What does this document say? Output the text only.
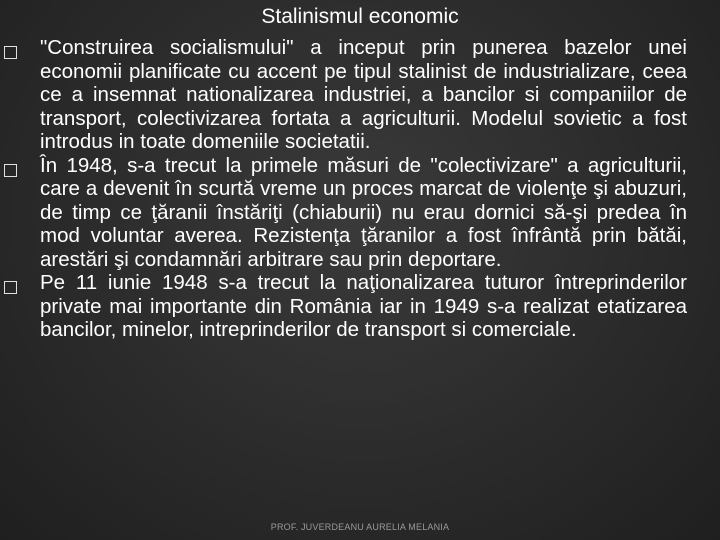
Stalinismul economic
"Construirea socialismului" a inceput prin punerea bazelor unei economii planificate cu accent pe tipul stalinist de industrializare, ceea ce a insemnat nationalizarea industriei, a bancilor si companiilor de transport, colectivizarea fortata a agriculturii. Modelul sovietic a fost introdus in toate domeniile societatii.
În 1948, s-a trecut la primele măsuri de "colectivizare" a agriculturii, care a devenit în scurtă vreme un proces marcat de violenţe şi abuzuri, de timp ce ţăranii înstăriţi (chiaburii) nu erau dornici să-şi predea în mod voluntar averea. Rezistenţa ţăranilor a fost înfrântă prin bătăi, arestări şi condamnări arbitrare sau prin deportare.
Pe 11 iunie 1948 s-a trecut la naţionalizarea tuturor întreprinderilor private mai importante din România iar in 1949 s-a realizat etatizarea bancilor, minelor, intreprinderilor de transport si comerciale.
PROF. JUVERDEANU AURELIA MELANIA
